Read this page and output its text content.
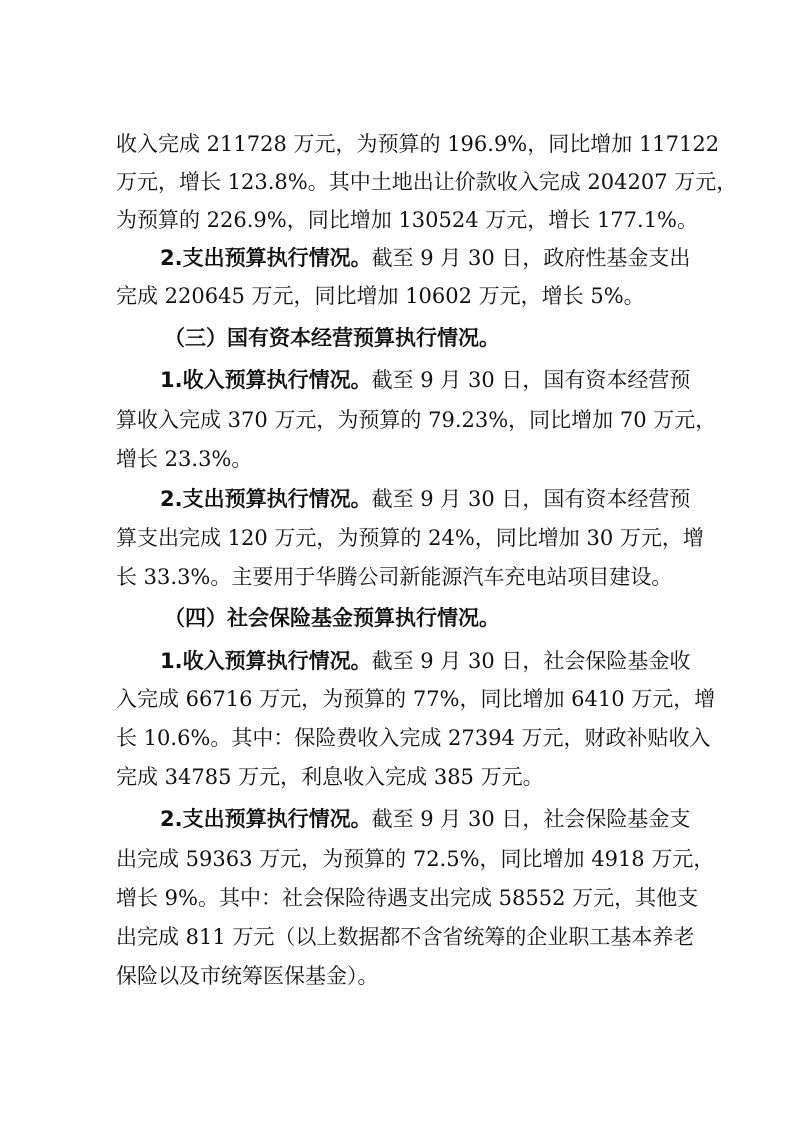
收入完成 211728 万元，为预算的 196.9%，同比增加 117122
万元，增长 123.8%。其中土地出让价款收入完成 204207 万元，
为预算的 226.9%，同比增加 130524 万元，增长 177.1%。
2.支出预算执行情况。截至 9 月 30 日，政府性基金支出
完成 220645 万元，同比增加 10602 万元，增长 5%。
（三）国有资本经营预算执行情况。
1.收入预算执行情况。截至 9 月 30 日，国有资本经营预
算收入完成 370 万元，为预算的 79.23%，同比增加 70 万元，
增长 23.3%。
2.支出预算执行情况。截至 9 月 30 日，国有资本经营预
算支出完成 120 万元，为预算的 24%，同比增加 30 万元，增
长 33.3%。主要用于华腾公司新能源汽车充电站项目建设。
（四）社会保险基金预算执行情况。
1.收入预算执行情况。截至 9 月 30 日，社会保险基金收
入完成 66716 万元，为预算的 77%，同比增加 6410 万元，增
长 10.6%。其中：保险费收入完成 27394 万元，财政补贴收入
完成 34785 万元，利息收入完成 385 万元。
2.支出预算执行情况。截至 9 月 30 日，社会保险基金支
出完成 59363 万元，为预算的 72.5%，同比增加 4918 万元，
增长 9%。其中：社会保险待遇支出完成 58552 万元，其他支
出完成 811 万元（以上数据都不含省统筹的企业职工基本养老
保险以及市统筹医保基金）。
